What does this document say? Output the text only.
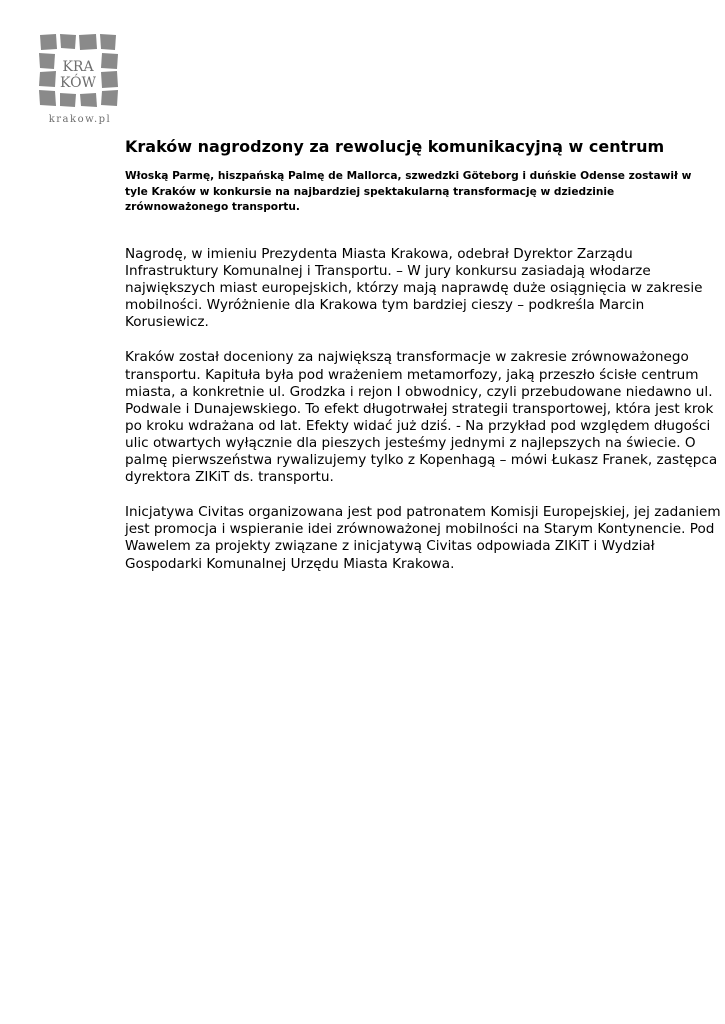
KRA
KÓW
krakow.pl
Kraków nagrodzony za rewolucję komunikacyjną w centrum

Włoską Parmę, hiszpańską Palmę de Mallorca, szwedzki Göteborg i duńskie Odense zostawił w tyle Kraków w konkursie na najbardziej spektakularną transformację w dziedzinie zrównoważonego transportu.

Nagrodę, w imieniu Prezydenta Miasta Krakowa, odebrał Dyrektor Zarządu Infrastruktury Komunalnej i Transportu. – W jury konkursu zasiadają włodarze największych miast europejskich, którzy mają naprawdę duże osiągnięcia w zakresie mobilności. Wyróżnienie dla Krakowa tym bardziej cieszy – podkreśla Marcin Korusiewicz.

Kraków został doceniony za największą transformacje w zakresie zrównoważonego transportu. Kapituła była pod wrażeniem metamorfozy, jaką przeszło ścisłe centrum miasta, a konkretnie ul. Grodzka i rejon I obwodnicy, czyli przebudowane niedawno ul. Podwale i Dunajewskiego. To efekt długotrwałej strategii transportowej, która jest krok po kroku wdrażana od lat. Efekty widać już dziś. - Na przykład pod względem długości ulic otwartych wyłącznie dla pieszych jesteśmy jednymi z najlepszych na świecie. O palmę pierwszeństwa rywalizujemy tylko z Kopenhagą – mówi Łukasz Franek, zastępca dyrektora ZIKiT ds. transportu.

Inicjatywa Civitas organizowana jest pod patronatem Komisji Europejskiej, jej zadaniem jest promocja i wspieranie idei zrównoważonej mobilności na Starym Kontynencie. Pod Wawelem za projekty związane z inicjatywą Civitas odpowiada ZIKiT i Wydział Gospodarki Komunalnej Urzędu Miasta Krakowa.
